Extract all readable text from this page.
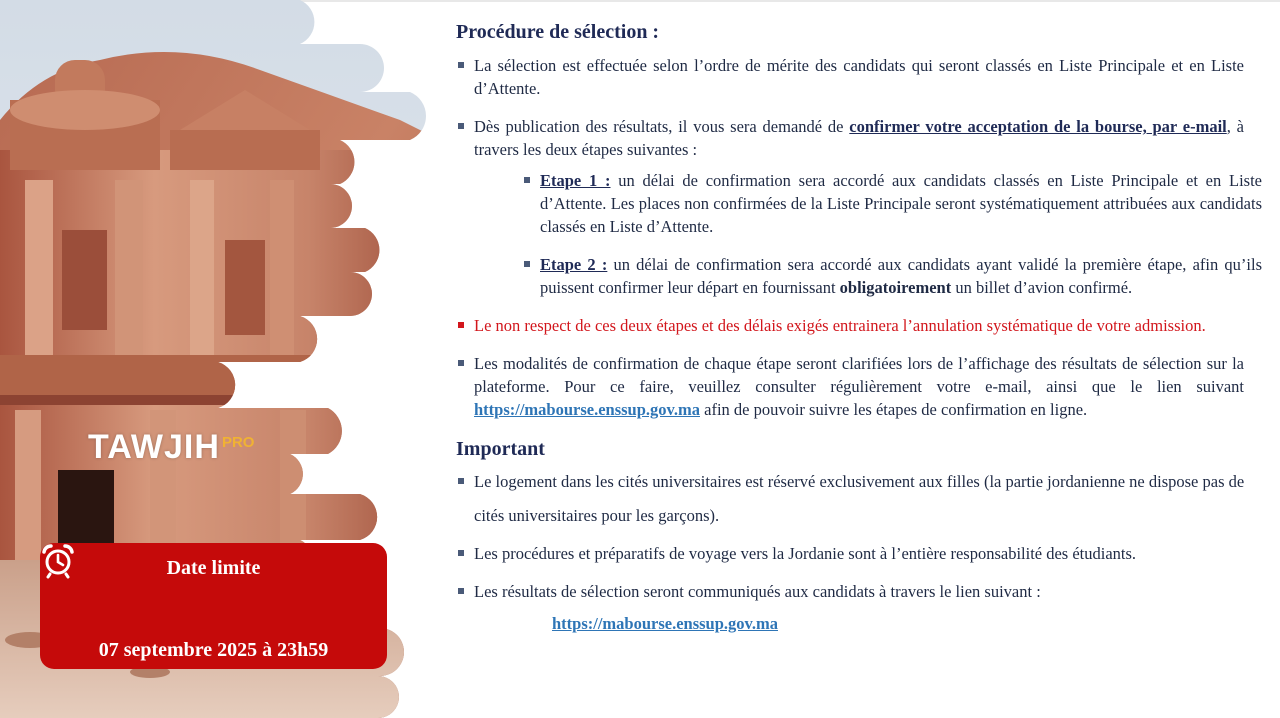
TAWJIH PRO
Date limite
07 septembre 2025 à 23h59
Procédure de sélection :
La sélection est effectuée selon l’ordre de mérite des candidats qui seront classés en Liste Principale et en Liste d’Attente.
Dès publication des résultats, il vous sera demandé de confirmer votre acceptation de la bourse, par e-mail, à travers les deux étapes suivantes :
Etape 1 : un délai de confirmation sera accordé aux candidats classés en Liste Principale et en Liste d’Attente. Les places non confirmées de la Liste Principale seront systématiquement attribuées aux candidats classés en Liste d’Attente.
Etape 2 : un délai de confirmation sera accordé aux candidats ayant validé la première étape, afin qu’ils puissent confirmer leur départ en fournissant obligatoirement un billet d’avion confirmé.
Le non respect de ces deux étapes et des délais exigés entrainera l’annulation systématique de votre admission.
Les modalités de confirmation de chaque étape seront clarifiées lors de l’affichage des résultats de sélection sur la plateforme. Pour ce faire, veuillez consulter régulièrement votre e-mail, ainsi que le lien suivant https://mabourse.enssup.gov.ma afin de pouvoir suivre les étapes de confirmation en ligne.
Important
Le logement dans les cités universitaires est réservé exclusivement aux filles (la partie jordanienne ne dispose pas de cités universitaires pour les garçons).
Les procédures et préparatifs de voyage vers la Jordanie sont à l’entière responsabilité des étudiants.
Les résultats de sélection seront communiqués aux candidats à travers le lien suivant :
https://mabourse.enssup.gov.ma
